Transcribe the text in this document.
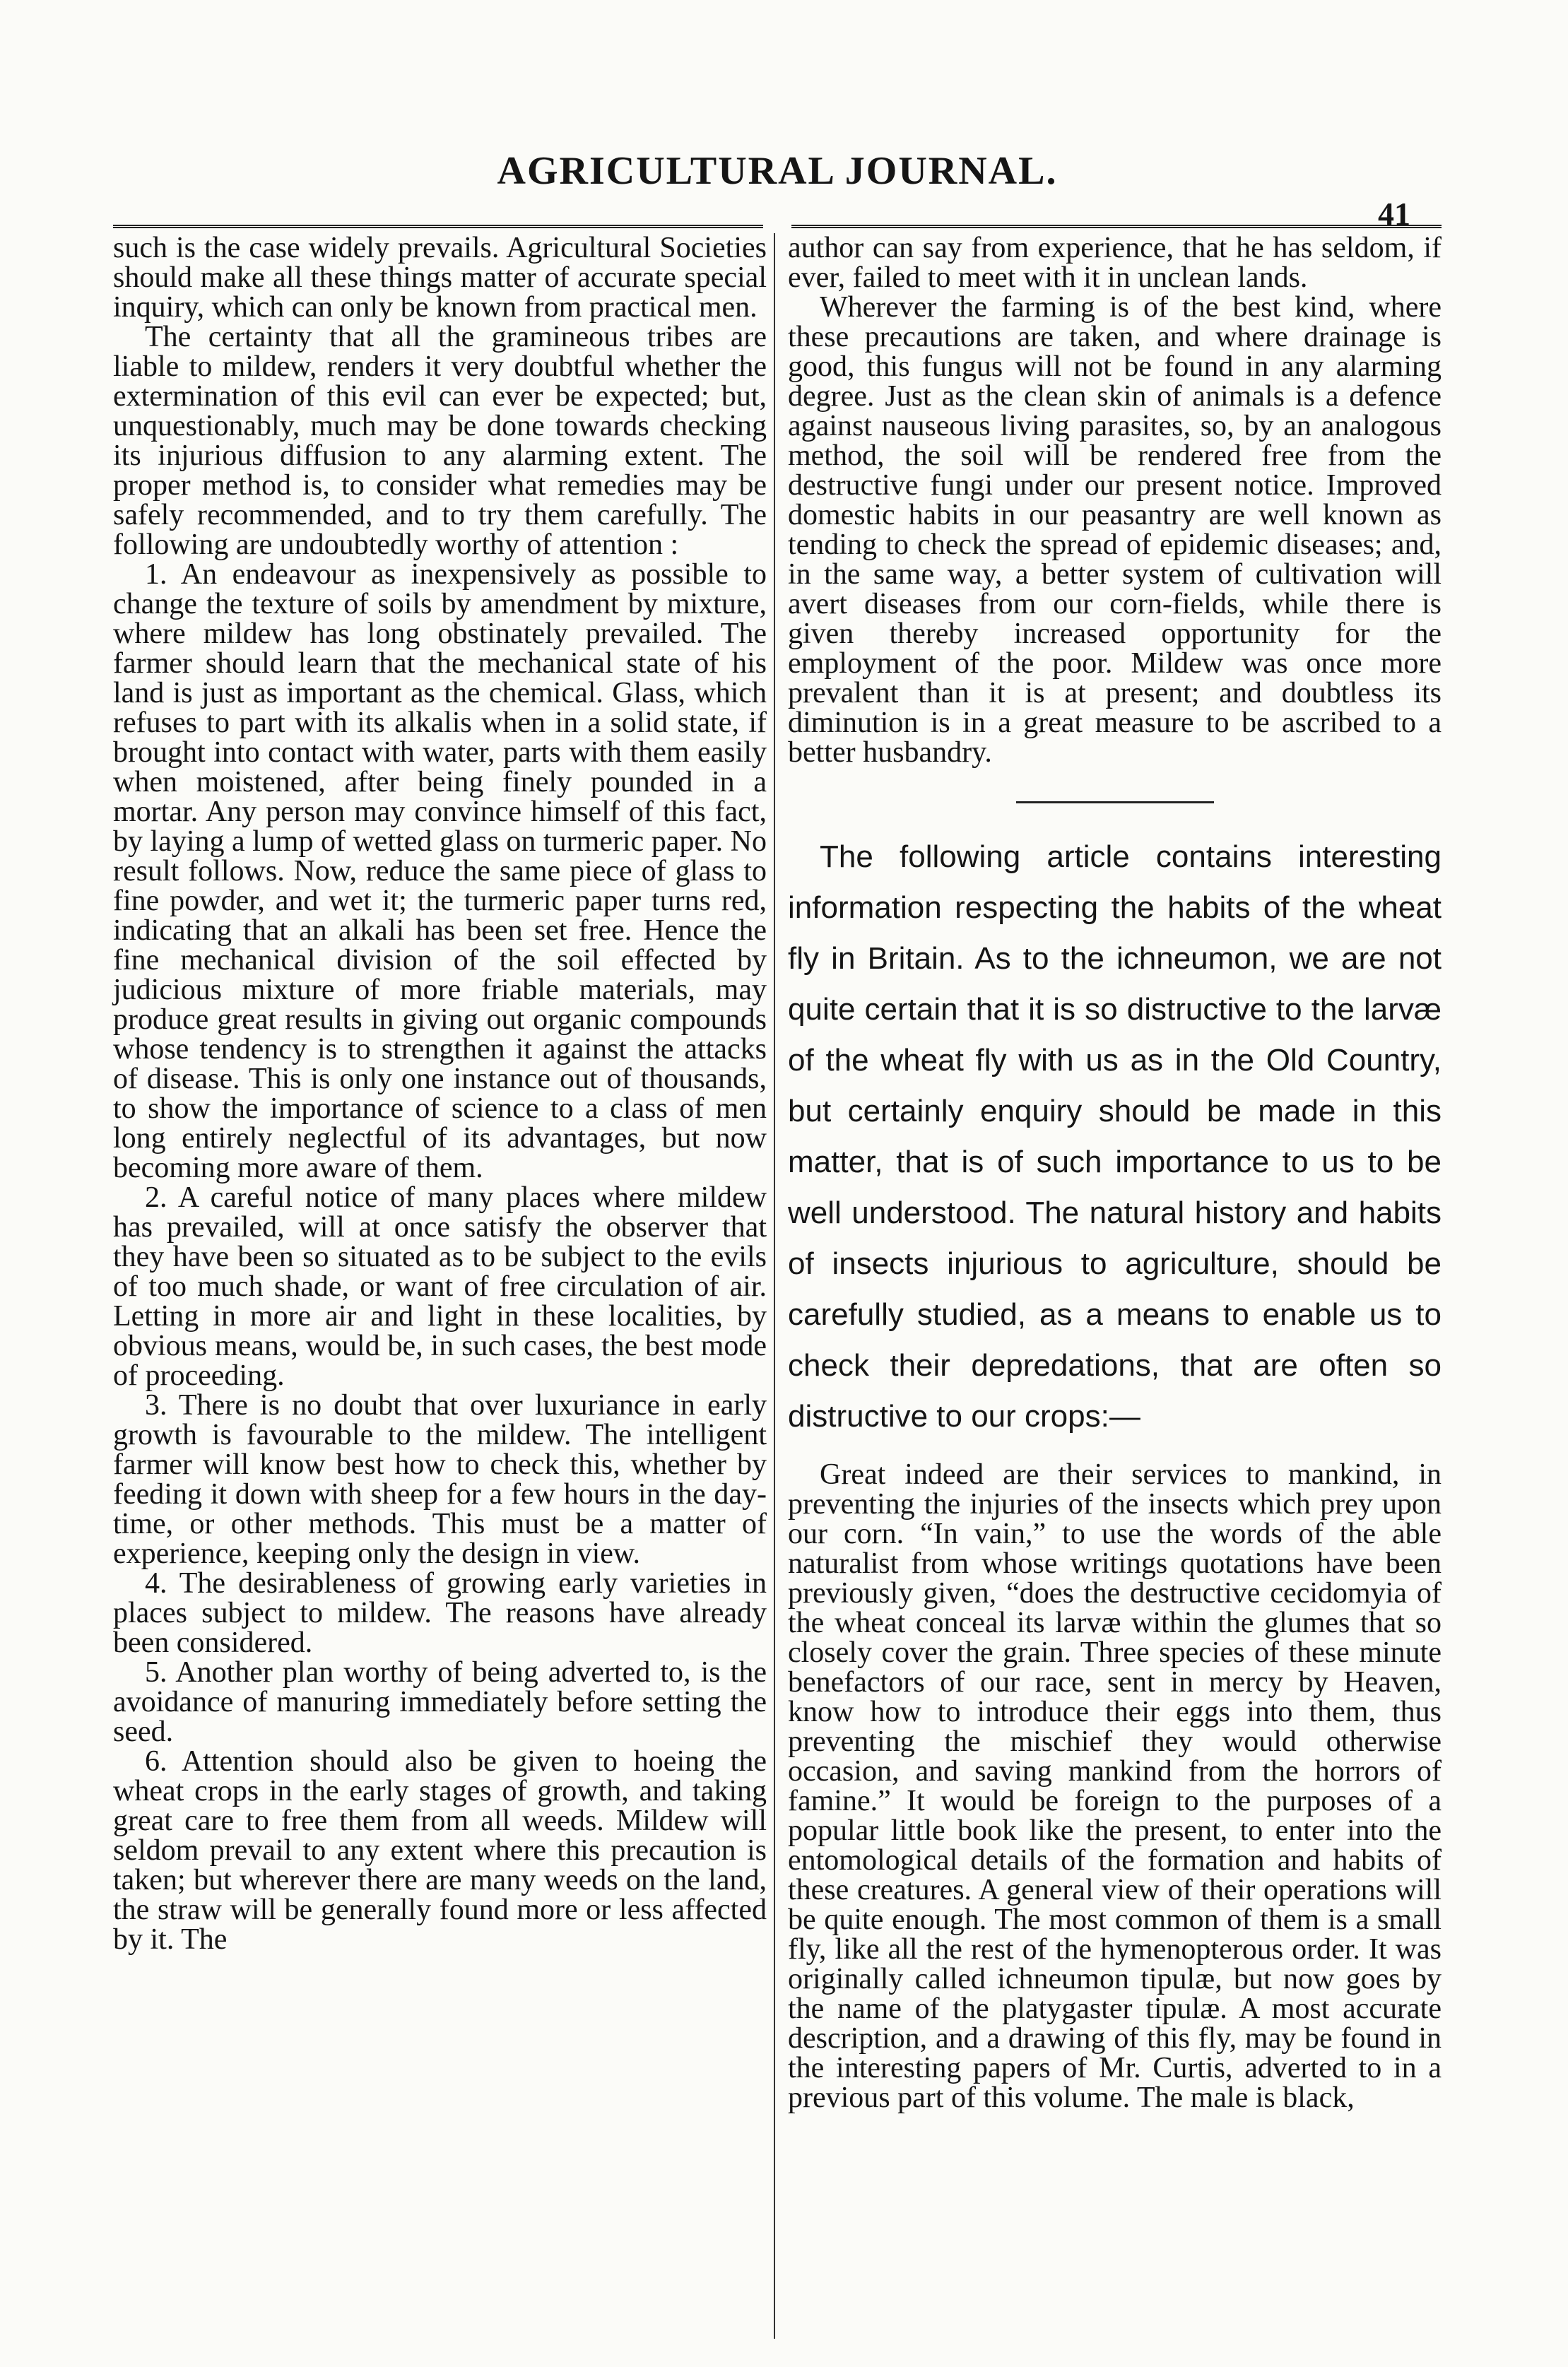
AGRICULTURAL JOURNAL.
41

such is the case widely prevails. Agricultural Societies should make all these things matter of accurate special inquiry, which can only be known from practical men.

The certainty that all the gramineous tribes are liable to mildew, renders it very doubtful whether the extermination of this evil can ever be expected; but, unquestionably, much may be done towards checking its injurious diffusion to any alarming extent. The proper method is, to consider what remedies may be safely recommended, and to try them carefully. The following are undoubtedly worthy of attention :

1. An endeavour as inexpensively as possible to change the texture of soils by amendment by mixture, where mildew has long obstinately prevailed. The farmer should learn that the mechanical state of his land is just as important as the chemical. Glass, which refuses to part with its alkalis when in a solid state, if brought into contact with water, parts with them easily when moistened, after being finely pounded in a mortar. Any person may convince himself of this fact, by laying a lump of wetted glass on turmeric paper. No result follows. Now, reduce the same piece of glass to fine powder, and wet it; the turmeric paper turns red, indicating that an alkali has been set free. Hence the fine mechanical division of the soil effected by judicious mixture of more friable materials, may produce great results in giving out organic compounds whose tendency is to strengthen it against the attacks of disease. This is only one instance out of thousands, to show the importance of science to a class of men long entirely neglectful of its advantages, but now becoming more aware of them.

2. A careful notice of many places where mildew has prevailed, will at once satisfy the observer that they have been so situated as to be subject to the evils of too much shade, or want of free circulation of air. Letting in more air and light in these localities, by obvious means, would be, in such cases, the best mode of proceeding.

3. There is no doubt that over luxuriance in early growth is favourable to the mildew. The intelligent farmer will know best how to check this, whether by feeding it down with sheep for a few hours in the day-time, or other methods. This must be a matter of experience, keeping only the design in view.

4. The desirableness of growing early varieties in places subject to mildew. The reasons have already been considered.

5. Another plan worthy of being adverted to, is the avoidance of manuring immediately before setting the seed.

6. Attention should also be given to hoeing the wheat crops in the early stages of growth, and taking great care to free them from all weeds. Mildew will seldom prevail to any extent where this precaution is taken; but wherever there are many weeds on the land, the straw will be generally found more or less affected by it. The

author can say from experience, that he has seldom, if ever, failed to meet with it in unclean lands.

Wherever the farming is of the best kind, where these precautions are taken, and where drainage is good, this fungus will not be found in any alarming degree. Just as the clean skin of animals is a defence against nauseous living parasites, so, by an analogous method, the soil will be rendered free from the destructive fungi under our present notice. Improved domestic habits in our peasantry are well known as tending to check the spread of epidemic diseases; and, in the same way, a better system of cultivation will avert diseases from our corn-fields, while there is given thereby increased opportunity for the employment of the poor. Mildew was once more prevalent than it is at present; and doubtless its diminution is in a great measure to be ascribed to a better husbandry.

The following article contains interesting information respecting the habits of the wheat fly in Britain. As to the ichneumon, we are not quite certain that it is so distructive to the larvæ of the wheat fly with us as in the Old Country, but certainly enquiry should be made in this matter, that is of such importance to us to be well understood. The natural history and habits of insects injurious to agriculture, should be carefully studied, as a means to enable us to check their depredations, that are often so distructive to our crops:—

Great indeed are their services to mankind, in preventing the injuries of the insects which prey upon our corn. “In vain,” to use the words of the able naturalist from whose writings quotations have been previously given, “does the destructive cecidomyia of the wheat conceal its larvæ within the glumes that so closely cover the grain. Three species of these minute benefactors of our race, sent in mercy by Heaven, know how to introduce their eggs into them, thus preventing the mischief they would otherwise occasion, and saving mankind from the horrors of famine.” It would be foreign to the purposes of a popular little book like the present, to enter into the entomological details of the formation and habits of these creatures. A general view of their operations will be quite enough. The most common of them is a small fly, like all the rest of the hymenopterous order. It was originally called ichneumon tipulæ, but now goes by the name of the platygaster tipulæ. A most accurate description, and a drawing of this fly, may be found in the interesting papers of Mr. Curtis, adverted to in a previous part of this volume. The male is black,
